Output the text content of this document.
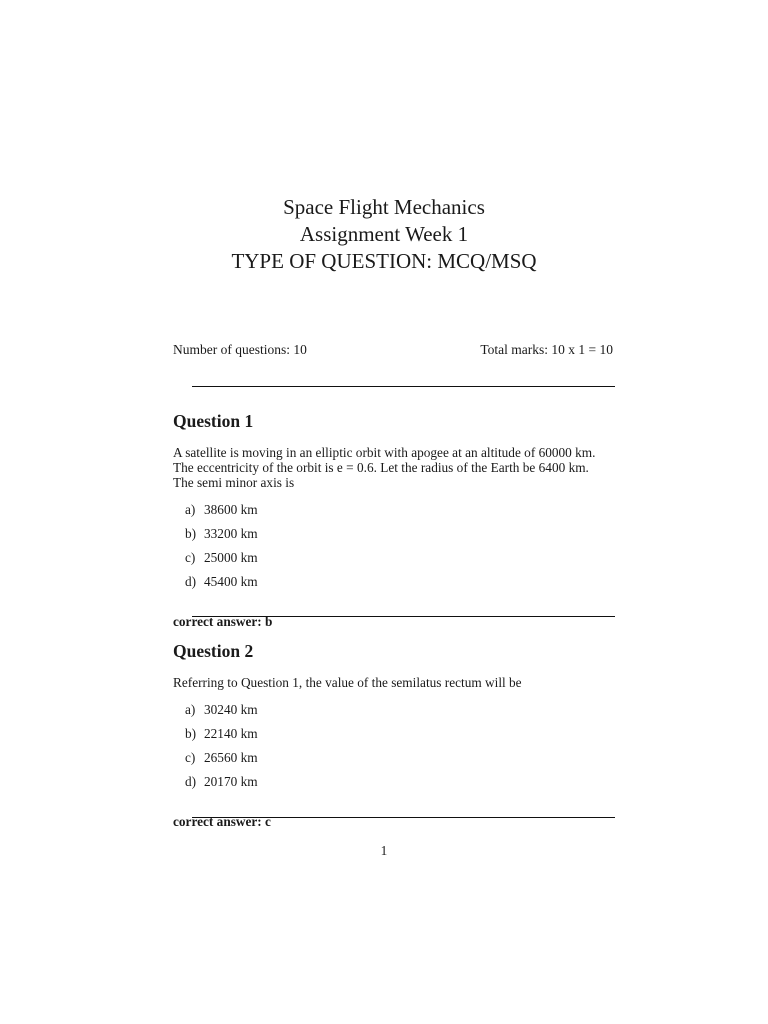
Space Flight Mechanics
Assignment Week 1
TYPE OF QUESTION: MCQ/MSQ
Number of questions: 10	Total marks: 10 x 1 = 10
Question 1
A satellite is moving in an elliptic orbit with apogee at an altitude of 60000 km.
The eccentricity of the orbit is e = 0.6. Let the radius of the Earth be 6400 km.
The semi minor axis is
a) 38600 km
b) 33200 km
c) 25000 km
d) 45400 km
correct answer: b
Question 2
Referring to Question 1, the value of the semilatus rectum will be
a) 30240 km
b) 22140 km
c) 26560 km
d) 20170 km
correct answer: c
1
